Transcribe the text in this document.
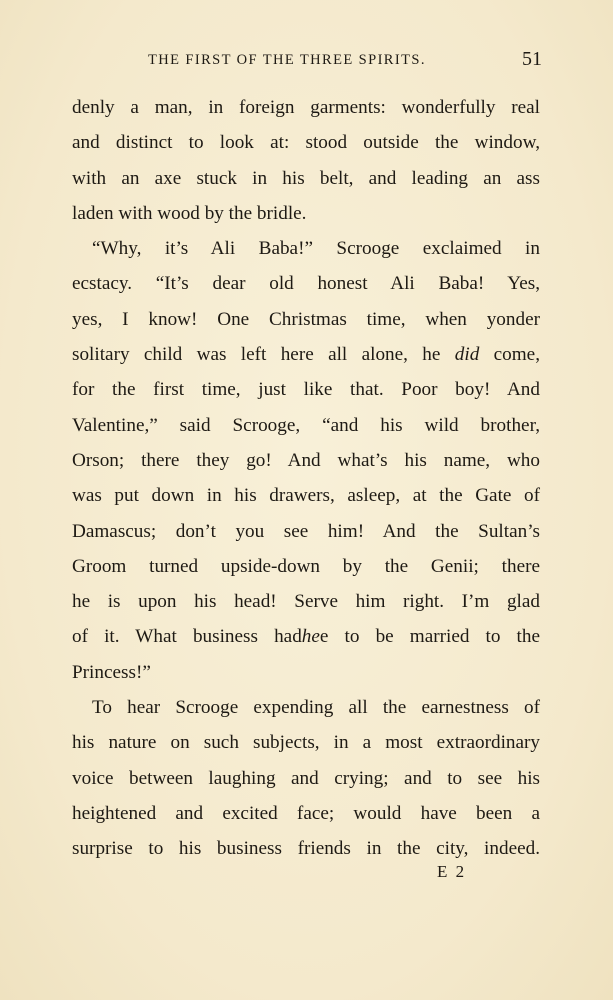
THE FIRST OF THE THREE SPIRITS.	51
denly a man, in foreign garments: wonderfully real
and distinct to look at: stood outside the window,
with an axe stuck in his belt, and leading an ass
laden with wood by the bridle.
“Why, it’s Ali Baba!” Scrooge exclaimed in
ecstacy. “It’s dear old honest Ali Baba! Yes,
yes, I know! One Christmas time, when yonder
solitary child was left here all alone, he did come,
for the first time, just like that. Poor boy! And
Valentine,” said Scrooge, “and his wild brother,
Orson; there they go! And what’s his name, who
was put down in his drawers, asleep, at the Gate of
Damascus; don’t you see him! And the Sultan’s
Groom turned upside-down by the Genii; there
he is upon his head! Serve him right. I’m glad
of it. What business hadhee to be married to the
Princess!”
To hear Scrooge expending all the earnestness of
his nature on such subjects, in a most extraordinary
voice between laughing and crying; and to see his
heightened and excited face; would have been a
surprise to his business friends in the city, indeed.
E 2
